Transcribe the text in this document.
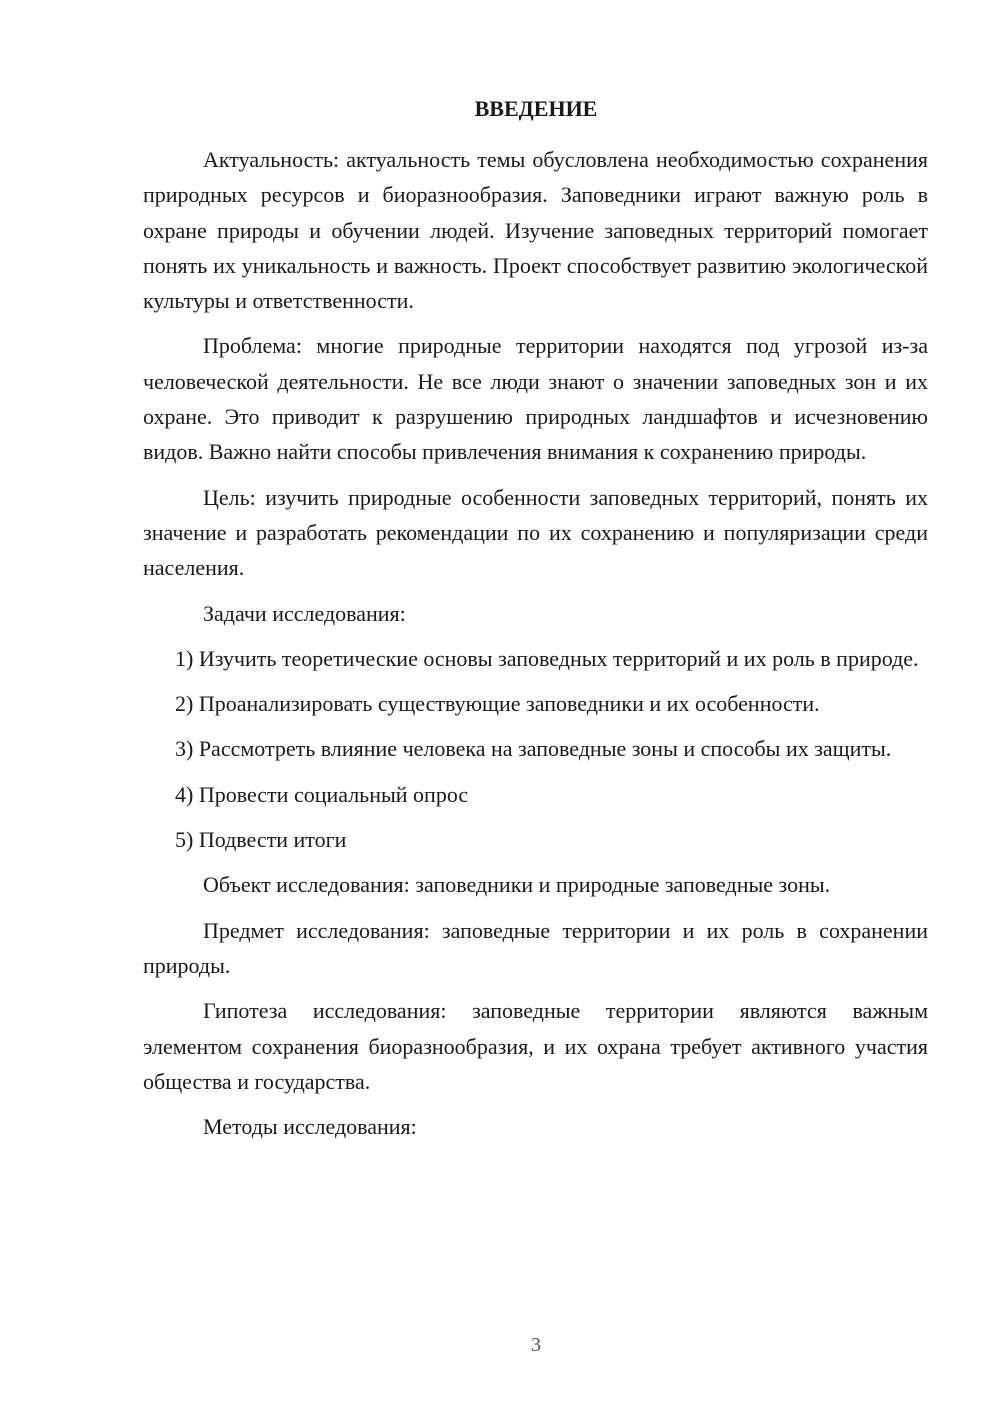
ВВЕДЕНИЕ

Актуальность: актуальность темы обусловлена необходимостью сохранения природных ресурсов и биоразнообразия. Заповедники играют важную роль в охране природы и обучении людей. Изучение заповедных территорий помогает понять их уникальность и важность. Проект способствует развитию экологической культуры и ответственности.

Проблема: многие природные территории находятся под угрозой из-за человеческой деятельности. Не все люди знают о значении заповедных зон и их охране. Это приводит к разрушению природных ландшафтов и исчезновению видов. Важно найти способы привлечения внимания к сохранению природы.

Цель: изучить природные особенности заповедных территорий, понять их значение и разработать рекомендации по их сохранению и популяризации среди населения.

Задачи исследования:

1) Изучить теоретические основы заповедных территорий и их роль в природе.

2) Проанализировать существующие заповедники и их особенности.

3) Рассмотреть влияние человека на заповедные зоны и способы их защиты.

4) Провести социальный опрос

5) Подвести итоги

Объект исследования: заповедники и природные заповедные зоны.

Предмет исследования: заповедные территории и их роль в сохранении природы.

Гипотеза исследования: заповедные территории являются важным элементом сохранения биоразнообразия, и их охрана требует активного участия общества и государства.

Методы исследования:

3
